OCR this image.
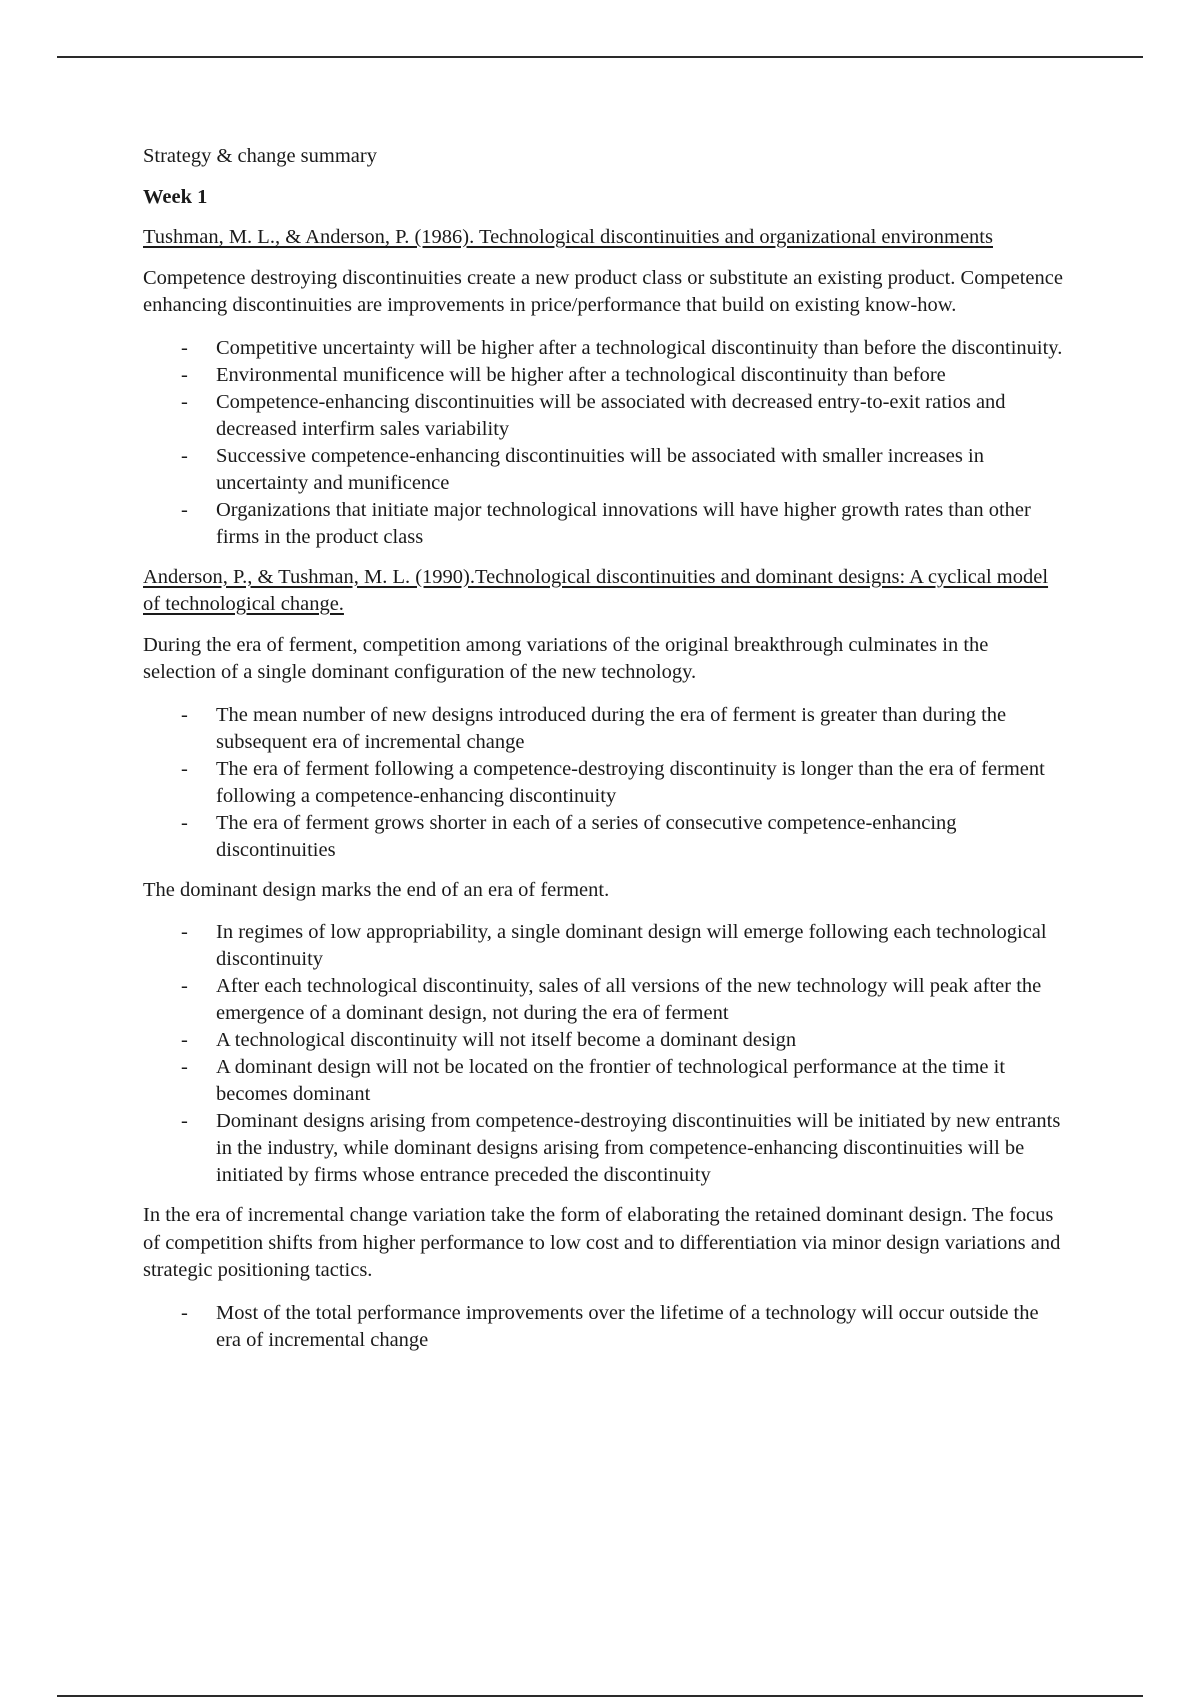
Strategy & change summary

Week 1

Tushman, M. L., & Anderson, P. (1986). Technological discontinuities and organizational environments

Competence destroying discontinuities create a new product class or substitute an existing product. Competence enhancing discontinuities are improvements in price/performance that build on existing know-how.

- Competitive uncertainty will be higher after a technological discontinuity than before the discontinuity.
- Environmental munificence will be higher after a technological discontinuity than before
- Competence-enhancing discontinuities will be associated with decreased entry-to-exit ratios and decreased interfirm sales variability
- Successive competence-enhancing discontinuities will be associated with smaller increases in uncertainty and munificence
- Organizations that initiate major technological innovations will have higher growth rates than other firms in the product class

Anderson, P., & Tushman, M. L. (1990).Technological discontinuities and dominant designs: A cyclical model of technological change.

During the era of ferment, competition among variations of the original breakthrough culminates in the selection of a single dominant configuration of the new technology.

- The mean number of new designs introduced during the era of ferment is greater than during the subsequent era of incremental change
- The era of ferment following a competence-destroying discontinuity is longer than the era of ferment following a competence-enhancing discontinuity
- The era of ferment grows shorter in each of a series of consecutive competence-enhancing discontinuities

The dominant design marks the end of an era of ferment.

- In regimes of low appropriability, a single dominant design will emerge following each technological discontinuity
- After each technological discontinuity, sales of all versions of the new technology will peak after the emergence of a dominant design, not during the era of ferment
- A technological discontinuity will not itself become a dominant design
- A dominant design will not be located on the frontier of technological performance at the time it becomes dominant
- Dominant designs arising from competence-destroying discontinuities will be initiated by new entrants in the industry, while dominant designs arising from competence-enhancing discontinuities will be initiated by firms whose entrance preceded the discontinuity

In the era of incremental change variation take the form of elaborating the retained dominant design. The focus of competition shifts from higher performance to low cost and to differentiation via minor design variations and strategic positioning tactics.

- Most of the total performance improvements over the lifetime of a technology will occur outside the era of incremental change
